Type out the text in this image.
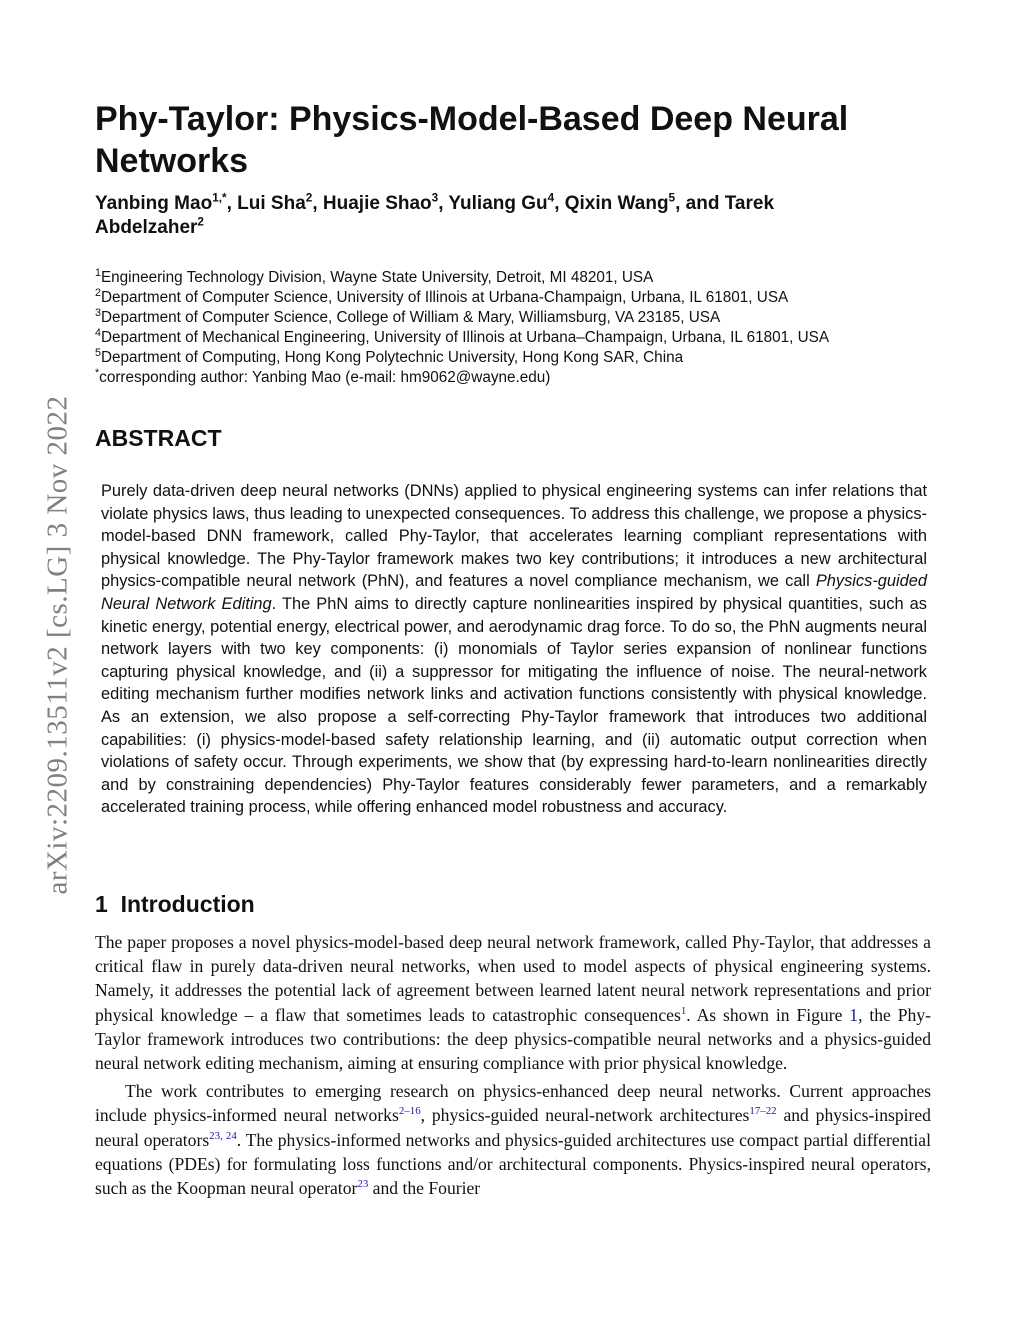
arXiv:2209.13511v2 [cs.LG] 3 Nov 2022
Phy-Taylor: Physics-Model-Based Deep Neural Networks

Yanbing Mao$^{1,*}$, Lui Sha$^2$, Huajie Shao$^3$, Yuliang Gu$^4$, Qixin Wang$^5$, and Tarek Abdelzaher$^2$

$^1$Engineering Technology Division, Wayne State University, Detroit, MI 48201, USA
$^2$Department of Computer Science, University of Illinois at Urbana-Champaign, Urbana, IL 61801, USA
$^3$Department of Computer Science, College of William & Mary, Williamsburg, VA 23185, USA
$^4$Department of Mechanical Engineering, University of Illinois at Urbana–Champaign, Urbana, IL 61801, USA
$^5$Department of Computing, Hong Kong Polytechnic University, Hong Kong SAR, China
*corresponding author: Yanbing Mao (e-mail: hm9062@wayne.edu)
ABSTRACT

Purely data-driven deep neural networks (DNNs) applied to physical engineering systems can infer relations that violate physics laws, thus leading to unexpected consequences. To address this challenge, we propose a physics-model-based DNN framework, called Phy-Taylor, that accelerates learning compliant representations with physical knowledge. The Phy-Taylor framework makes two key contributions; it introduces a new architectural physics-compatible neural network (PhN), and features a novel compliance mechanism, we call Physics-guided Neural Network Editing. The PhN aims to directly capture nonlinearities inspired by physical quantities, such as kinetic energy, potential energy, electrical power, and aerodynamic drag force. To do so, the PhN augments neural network layers with two key components: (i) monomials of Taylor series expansion of nonlinear functions capturing physical knowledge, and (ii) a suppressor for mitigating the influence of noise. The neural-network editing mechanism further modifies network links and activation functions consistently with physical knowledge. As an extension, we also propose a self-correcting Phy-Taylor framework that introduces two additional capabilities: (i) physics-model-based safety relationship learning, and (ii) automatic output correction when violations of safety occur. Through experiments, we show that (by expressing hard-to-learn nonlinearities directly and by constraining dependencies) Phy-Taylor features considerably fewer parameters, and a remarkably accelerated training process, while offering enhanced model robustness and accuracy.

1 Introduction

The paper proposes a novel physics-model-based deep neural network framework, called Phy-Taylor, that addresses a critical flaw in purely data-driven neural networks, when used to model aspects of physical engineering systems. Namely, it addresses the potential lack of agreement between learned latent neural network representations and prior physical knowledge – a flaw that sometimes leads to catastrophic consequences$^1$. As shown in Figure 1, the Phy-Taylor framework introduces two contributions: the deep physics-compatible neural networks and a physics-guided neural network editing mechanism, aiming at ensuring compliance with prior physical knowledge.

The work contributes to emerging research on physics-enhanced deep neural networks. Current approaches include physics-informed neural networks$^{2-16}$, physics-guided neural-network architectures$^{17-22}$ and physics-inspired neural operators$^{23, 24}$. The physics-informed networks and physics-guided architectures use compact partial differential equations (PDEs) for formulating loss functions and/or architectural components. Physics-inspired neural operators, such as the Koopman neural operator$^{23}$ and the Fourier
